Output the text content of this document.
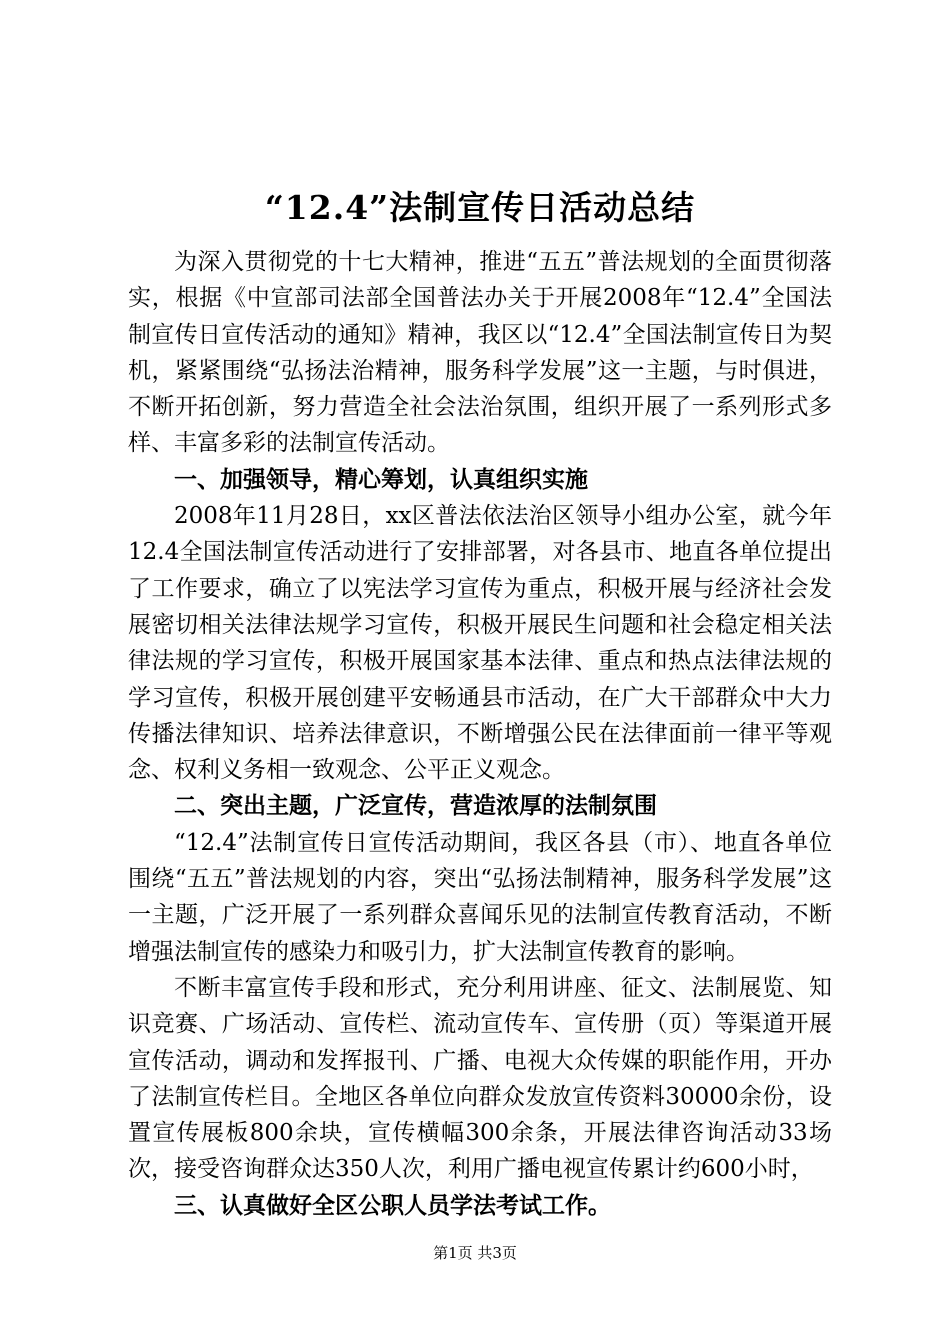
“12.4”法制宣传日活动总结

为深入贯彻党的十七大精神，推进“五五”普法规划的全面贯彻落实，根据《中宣部司法部全国普法办关于开展2008年“12.4”全国法制宣传日宣传活动的通知》精神，我区以“12.4”全国法制宣传日为契机，紧紧围绕“弘扬法治精神，服务科学发展”这一主题，与时俱进，不断开拓创新，努力营造全社会法治氛围，组织开展了一系列形式多样、丰富多彩的法制宣传活动。

一、加强领导，精心筹划，认真组织实施

2008年11月28日，xx区普法依法治区领导小组办公室，就今年12.4全国法制宣传活动进行了安排部署，对各县市、地直各单位提出了工作要求，确立了以宪法学习宣传为重点，积极开展与经济社会发展密切相关法律法规学习宣传，积极开展民生问题和社会稳定相关法律法规的学习宣传，积极开展国家基本法律、重点和热点法律法规的学习宣传，积极开展创建平安畅通县市活动，在广大干部群众中大力传播法律知识、培养法律意识，不断增强公民在法律面前一律平等观念、权利义务相一致观念、公平正义观念。

二、突出主题，广泛宣传，营造浓厚的法制氛围

“12.4”法制宣传日宣传活动期间，我区各县（市）、地直各单位围绕“五五”普法规划的内容，突出“弘扬法制精神，服务科学发展”这一主题，广泛开展了一系列群众喜闻乐见的法制宣传教育活动，不断增强法制宣传的感染力和吸引力，扩大法制宣传教育的影响。

不断丰富宣传手段和形式，充分利用讲座、征文、法制展览、知识竞赛、广场活动、宣传栏、流动宣传车、宣传册（页）等渠道开展宣传活动，调动和发挥报刊、广播、电视大众传媒的职能作用，开办了法制宣传栏目。全地区各单位向群众发放宣传资料30000余份，设置宣传展板800余块，宣传横幅300余条，开展法律咨询活动33场次，接受咨询群众达350人次，利用广播电视宣传累计约600小时，

三、认真做好全区公职人员学法考试工作。

第1页 共3页
